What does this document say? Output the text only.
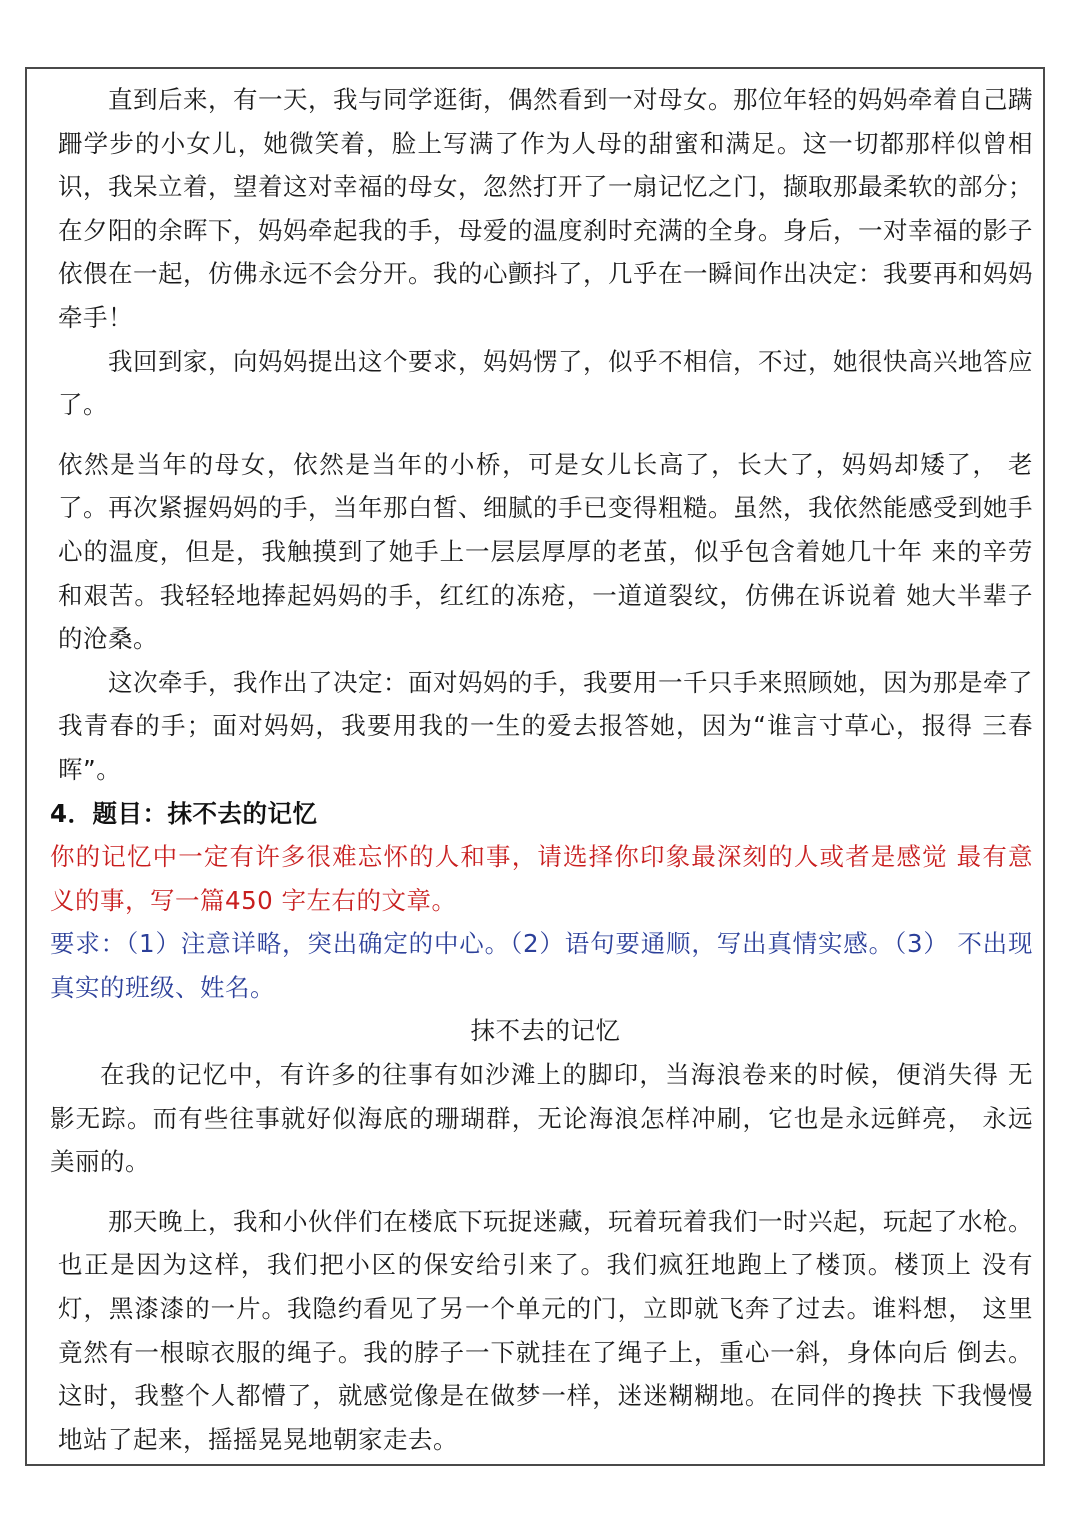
直到后来，有一天，我与同学逛街，偶然看到一对母女。那位年轻的妈妈牵着自己蹒跚学步的小女儿，她微笑着，脸上写满了作为人母的甜蜜和满足。这一切都那样似曾相识，我呆立着，望着这对幸福的母女，忽然打开了一扇记忆之门，撷取那最柔软的部分；在夕阳的余晖下，妈妈牵起我的手，母爱的温度刹时充满的全身。身后，一对幸福的影子依偎在一起，仿佛永远不会分开。我的心颤抖了，几乎在一瞬间作出决定：我要再和妈妈牵手！

我回到家，向妈妈提出这个要求，妈妈愣了，似乎不相信，不过，她很快高兴地答应了。

依然是当年的母女，依然是当年的小桥，可是女儿长高了，长大了，妈妈却矮了， 老了。再次紧握妈妈的手，当年那白皙、细腻的手已变得粗糙。虽然，我依然能感受到她手心的温度，但是，我触摸到了她手上一层层厚厚的老茧，似乎包含着她几十年 来的辛劳和艰苦。我轻轻地捧起妈妈的手，红红的冻疮，一道道裂纹，仿佛在诉说着 她大半辈子的沧桑。

这次牵手，我作出了决定：面对妈妈的手，我要用一千只手来照顾她，因为那是牵了我青春的手；面对妈妈，我要用我的一生的爱去报答她，因为“谁言寸草心，报得 三春晖”。

4．题目：抹不去的记忆

你的记忆中一定有许多很难忘怀的人和事，请选择你印象最深刻的人或者是感觉 最有意义的事，写一篇450 字左右的文章。

要求：（1）注意详略，突出确定的中心。（2）语句要通顺，写出真情实感。（3） 不出现真实的班级、姓名。

抹不去的记忆

在我的记忆中，有许多的往事有如沙滩上的脚印，当海浪卷来的时候，便消失得 无影无踪。而有些往事就好似海底的珊瑚群，无论海浪怎样冲刷，它也是永远鲜亮， 永远美丽的。

那天晚上，我和小伙伴们在楼底下玩捉迷藏，玩着玩着我们一时兴起，玩起了水枪。也正是因为这样，我们把小区的保安给引来了。我们疯狂地跑上了楼顶。楼顶上 没有灯，黑漆漆的一片。我隐约看见了另一个单元的门，立即就飞奔了过去。谁料想， 这里竟然有一根晾衣服的绳子。我的脖子一下就挂在了绳子上，重心一斜，身体向后 倒去。这时，我整个人都懵了，就感觉像是在做梦一样，迷迷糊糊地。在同伴的搀扶 下我慢慢地站了起来，摇摇晃晃地朝家走去。
